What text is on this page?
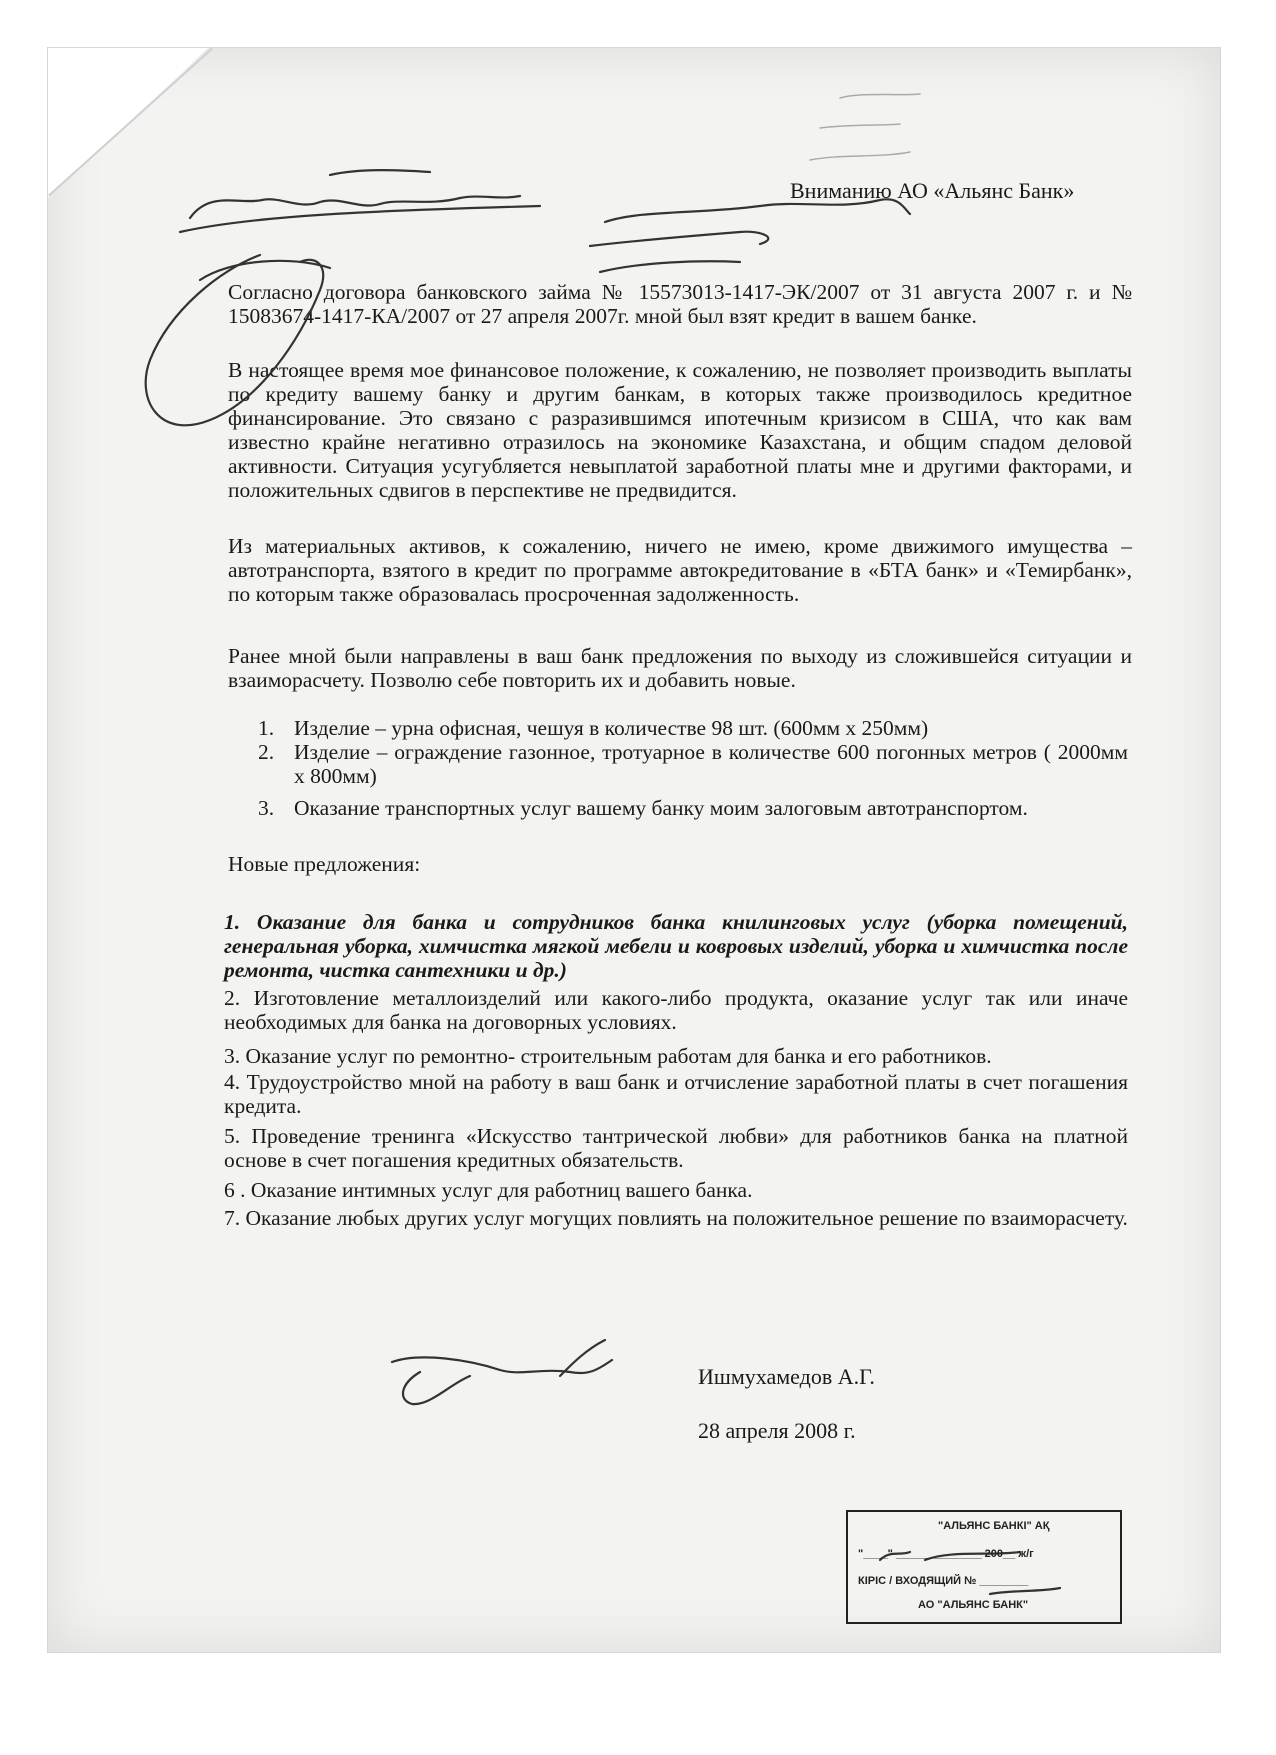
Вниманию АО «Альянс Банк»
Согласно договора банковского займа № 15573013-1417-ЭК/2007 от 31 августа 2007 г. и № 15083674-1417-КА/2007 от 27 апреля 2007г. мной был взят кредит в вашем банке.
В настоящее время мое финансовое положение, к сожалению, не позволяет производить выплаты по кредиту вашему банку и другим банкам, в которых также производилось кредитное финансирование. Это связано с разразившимся ипотечным кризисом в США, что как вам известно крайне негативно отразилось на экономике Казахстана, и общим спадом деловой активности. Ситуация усугубляется невыплатой заработной платы мне и другими факторами, и положительных сдвигов в перспективе не предвидится.
Из материальных активов, к сожалению, ничего не имею, кроме движимого имущества – автотранспорта, взятого в кредит по программе автокредитование в «БТА банк» и «Темирбанк», по которым также образовалась просроченная задолженность.
Ранее мной были направлены в ваш банк предложения по выходу из сложившейся ситуации и взаиморасчету. Позволю себе повторить их и добавить новые.
1. Изделие – урна офисная, чешуя в количестве 98 шт. (600мм х 250мм)
2. Изделие – ограждение газонное, тротуарное в количестве 600 погонных метров ( 2000мм х 800мм)
3. Оказание транспортных услуг вашему банку моим залоговым автотранспортом.
Новые предложения:
1. Оказание для банка и сотрудников банка книлинговых услуг (уборка помещений, генеральная уборка, химчистка мягкой мебели и ковровых изделий, уборка и химчистка после ремонта, чистка сантехники и др.)
2. Изготовление металлоизделий или какого-либо продукта, оказание услуг так или иначе необходимых для банка на договорных условиях.
3. Оказание услуг по ремонтно- строительным работам для банка и его работников.
4. Трудоустройство мной на работу в ваш банк и отчисление заработной платы в счет погашения кредита.
5. Проведение тренинга «Искусство тантрической любви» для работников банка на платной основе в счет погашения кредитных обязательств.
6 . Оказание интимных услуг для работниц вашего банка.
7. Оказание любых других услуг могущих повлиять на положительное решение по взаиморасчету.
Ишмухамедов А.Г.
28 апреля 2008 г.
"АЛЬЯНС БАНКІ" АҚ
"____" ______________ 200__ ж/г
КІРІС / ВХОДЯЩИЙ № ________
АО "АЛЬЯНС БАНК"
